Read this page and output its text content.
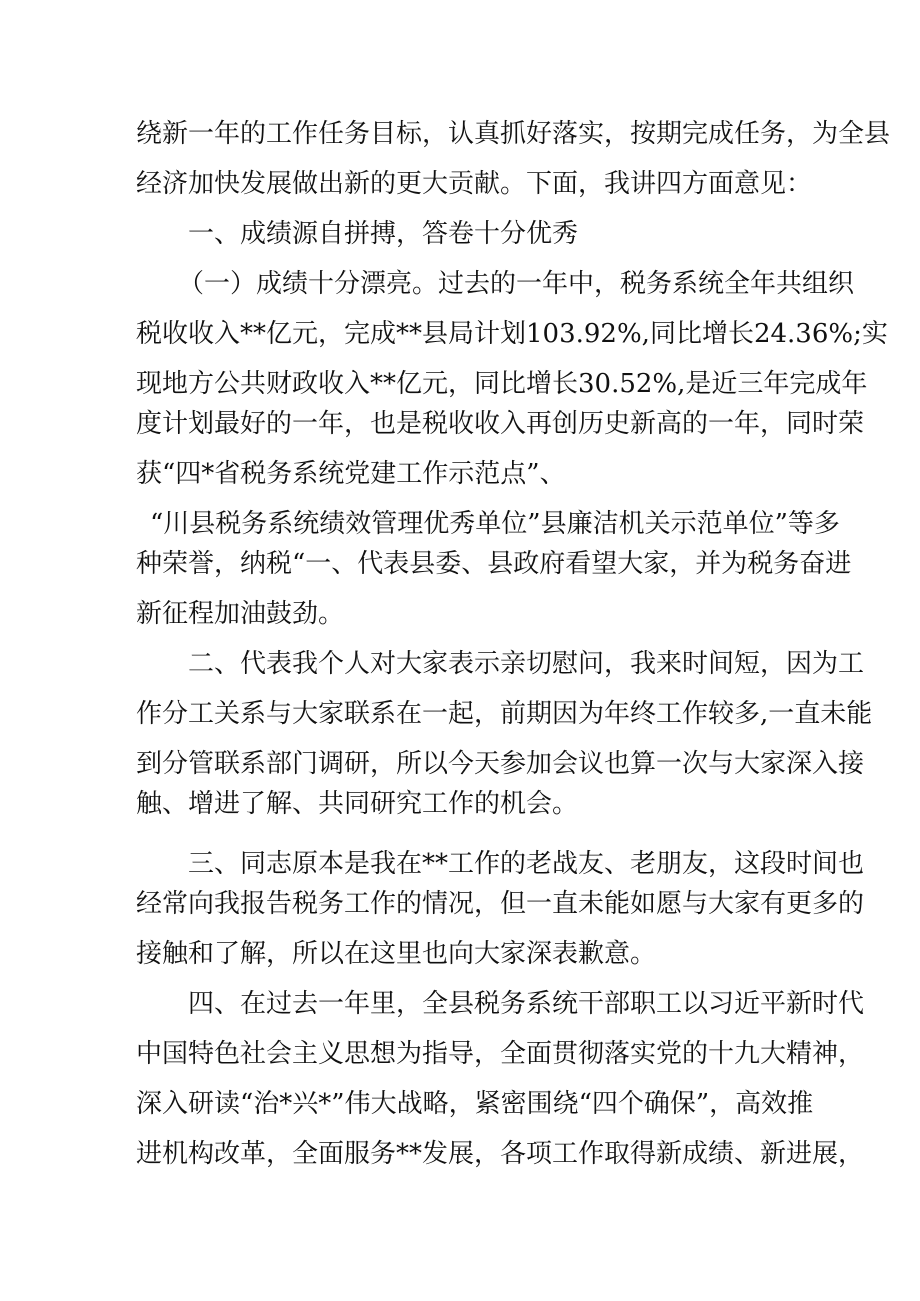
绕新一年的工作任务目标，认真抓好落实，按期完成任务，为全县

经济加快发展做出新的更大贡献。下面，我讲四方面意见：

一、成绩源自拼搏，答卷十分优秀

（一）成绩十分漂亮。过去的一年中，税务系统全年共组织

税收收入**亿元，完成**县局计划103.92%,同比增长24.36%;实

现地方公共财政收入**亿元，同比增长30.52%,是近三年完成年

度计划最好的一年，也是税收收入再创历史新高的一年，同时荣

获“四*省税务系统党建工作示范点”、

“川县税务系统绩效管理优秀单位”县廉洁机关示范单位”等多

种荣誉，纳税“一、代表县委、县政府看望大家，并为税务奋进

新征程加油鼓劲。

二、代表我个人对大家表示亲切慰问，我来时间短，因为工

作分工关系与大家联系在一起，前期因为年终工作较多,一直未能

到分管联系部门调研，所以今天参加会议也算一次与大家深入接

触、增进了解、共同研究工作的机会。

三、同志原本是我在**工作的老战友、老朋友，这段时间也

经常向我报告税务工作的情况，但一直未能如愿与大家有更多的

接触和了解，所以在这里也向大家深表歉意。

四、在过去一年里，全县税务系统干部职工以习近平新时代

中国特色社会主义思想为指导，全面贯彻落实党的十九大精神，

深入研读“治*兴*”伟大战略，紧密围绕“四个确保”，高效推

进机构改革，全面服务**发展，各项工作取得新成绩、新进展，
